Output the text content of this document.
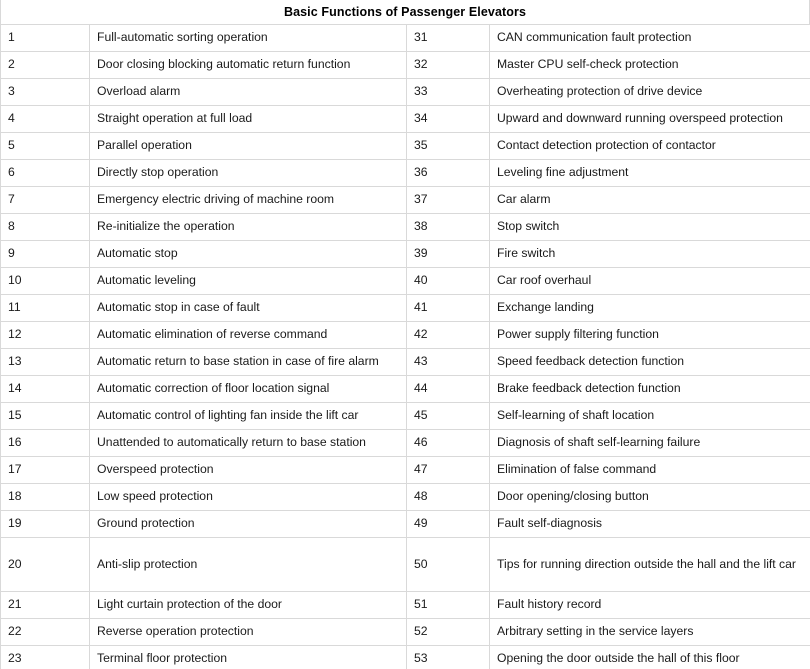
Basic Functions of Passenger Elevators
1	Full-automatic sorting operation	31	CAN communication fault protection

2	Door closing blocking automatic return function	32	Master CPU self-check protection

3	Overload alarm	33	Overheating protection of drive device

4	Straight operation at full load	34	Upward and downward running overspeed protection

5	Parallel operation	35	Contact detection protection of contactor

6	Directly stop operation	36	Leveling fine adjustment

7	Emergency electric driving of machine room	37	Car alarm

8	Re-initialize the operation	38	Stop switch

9	Automatic stop	39	Fire switch

10	Automatic leveling	40	Car roof overhaul

11	Automatic stop in case of fault	41	Exchange landing

12	Automatic elimination of reverse command	42	Power supply filtering function

13	Automatic return to base station in case of fire alarm	43	Speed feedback detection function

14	Automatic correction of floor location signal	44	Brake feedback detection function

15	Automatic control of lighting fan inside the lift car	45	Self-learning of shaft location

16	Unattended to automatically return to base station	46	Diagnosis of shaft self-learning failure

17	Overspeed protection	47	Elimination of false command

18	Low speed protection	48	Door opening/closing button

19	Ground protection	49	Fault self-diagnosis

20	Anti-slip protection	50	Tips for running direction outside the hall and the lift car

21	Light curtain protection of the door	51	Fault history record

22	Reverse operation protection	52	Arbitrary setting in the service layers

23	Terminal floor protection	53	Opening the door outside the hall of this floor
